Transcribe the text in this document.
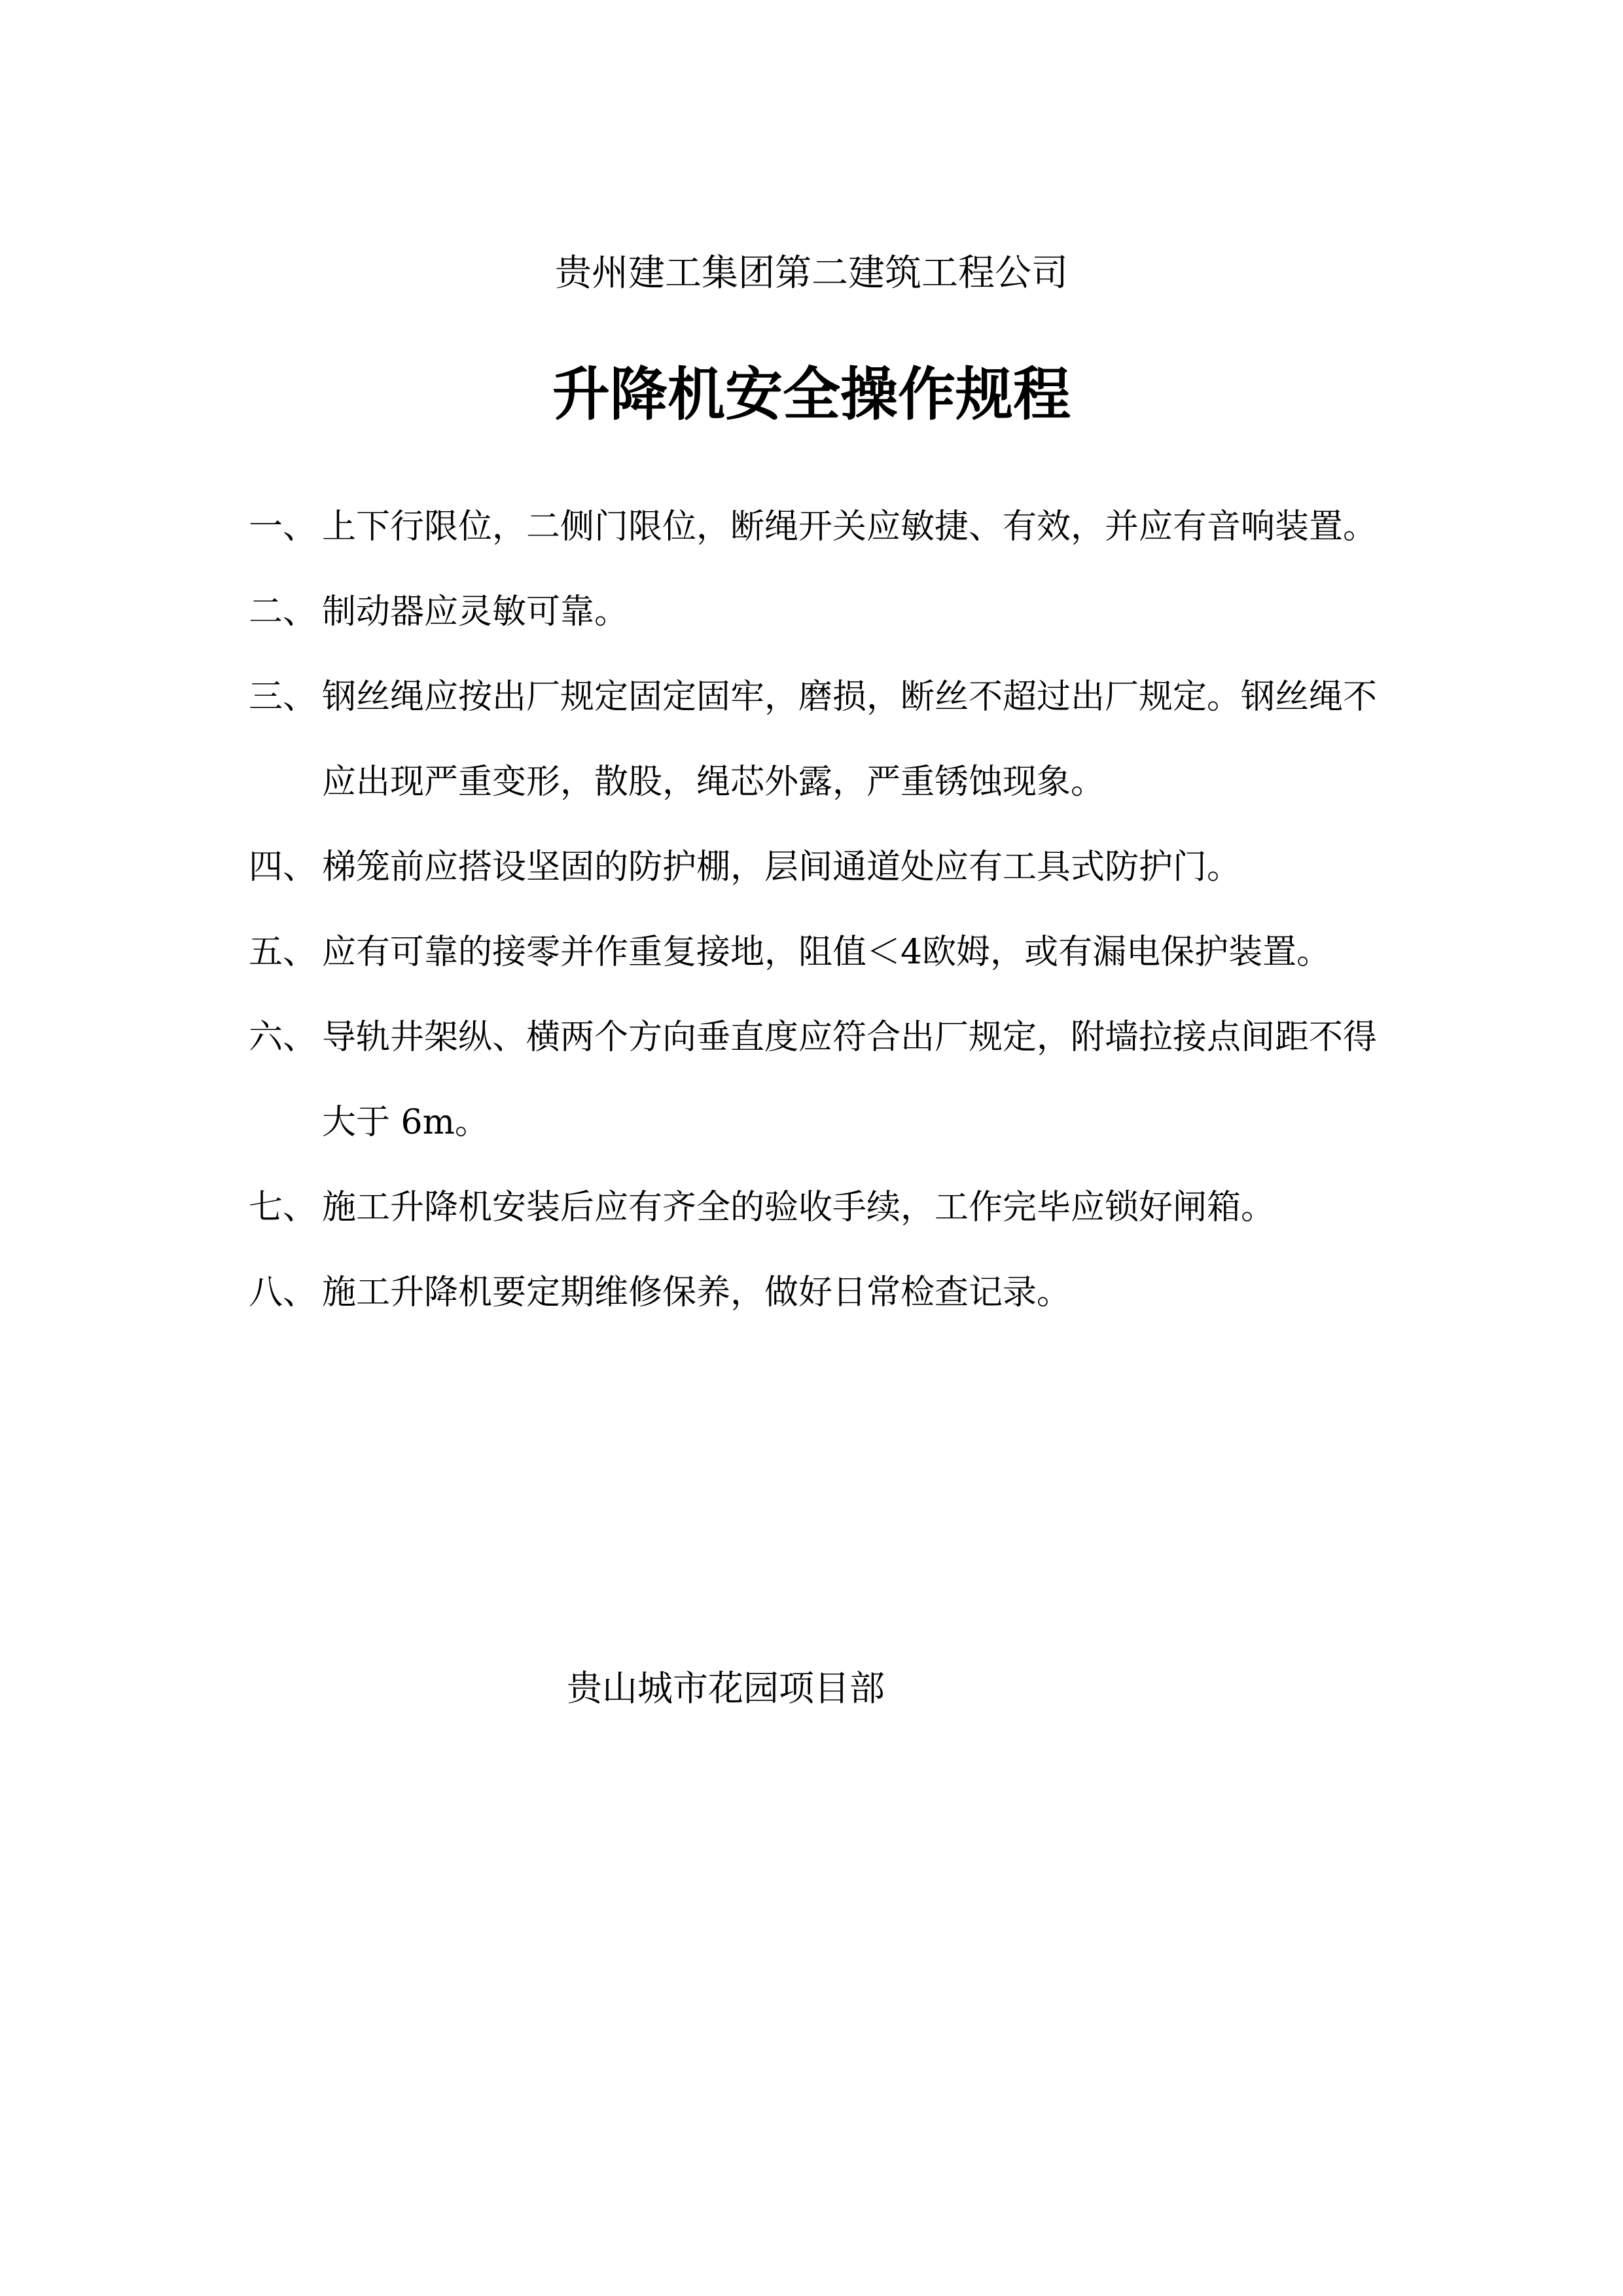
贵州建工集团第二建筑工程公司
升降机安全操作规程
一、 上下行限位，二侧门限位，断绳开关应敏捷、有效，并应有音响装置。
二、 制动器应灵敏可靠。
三、 钢丝绳应按出厂规定固定固牢，磨损，断丝不超过出厂规定。钢丝绳不应出现严重变形，散股，绳芯外露，严重锈蚀现象。
四、 梯笼前应搭设坚固的防护棚，层间通道处应有工具式防护门。
五、 应有可靠的接零并作重复接地，阻值＜4欧姆，或有漏电保护装置。
六、 导轨井架纵、横两个方向垂直度应符合出厂规定，附墙拉接点间距不得大于 6m。
七、 施工升降机安装后应有齐全的验收手续，工作完毕应锁好闸箱。
八、 施工升降机要定期维修保养，做好日常检查记录。
贵山城市花园项目部
